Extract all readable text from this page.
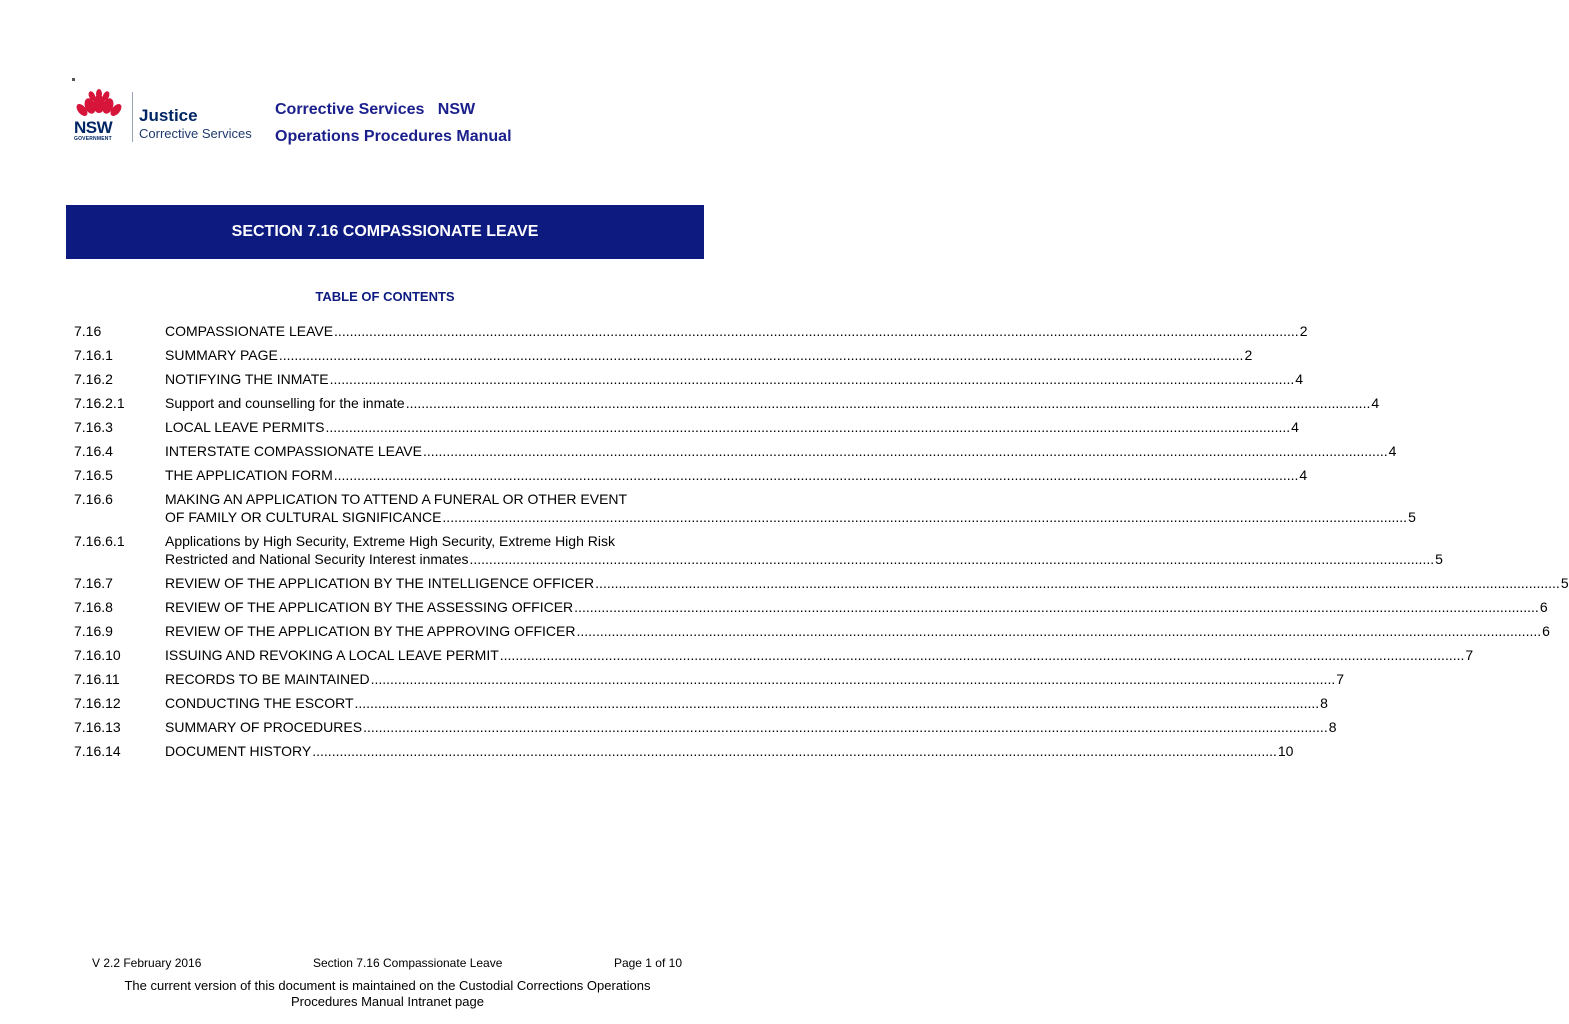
NSW
GOVERNMENT
Justice
Corrective Services
Corrective Services   NSW
Operations Procedures Manual
SECTION 7.16 COMPASSIONATE LEAVE
TABLE OF CONTENTS
7.16	COMPASSIONATE LEAVE .....	2
7.16.1	SUMMARY PAGE .....	2
7.16.2	NOTIFYING THE INMATE .....	4
7.16.2.1	Support and counselling for the inmate .....	4
7.16.3	LOCAL LEAVE PERMITS .....	4
7.16.4	INTERSTATE COMPASSIONATE LEAVE .....	4
7.16.5	THE APPLICATION FORM .....	4
7.16.6	MAKING AN APPLICATION TO ATTEND A FUNERAL OR OTHER EVENT
OF FAMILY OR CULTURAL SIGNIFICANCE .....	5
7.16.6.1	Applications by High Security, Extreme High Security, Extreme High Risk
Restricted and National Security Interest inmates .....	5
7.16.7	REVIEW OF THE APPLICATION BY THE INTELLIGENCE OFFICER .....	5
7.16.8	REVIEW OF THE APPLICATION BY THE ASSESSING OFFICER .....	6
7.16.9	REVIEW OF THE APPLICATION BY THE APPROVING OFFICER .....	6
7.16.10	ISSUING AND REVOKING A LOCAL LEAVE PERMIT .....	7
7.16.11	RECORDS TO BE MAINTAINED .....	7
7.16.12	CONDUCTING THE ESCORT .....	8
7.16.13	SUMMARY OF PROCEDURES .....	8
7.16.14	DOCUMENT HISTORY .....	10
V 2.2 February 2016	Section 7.16 Compassionate Leave	Page 1 of 10
The current version of this document is maintained on the Custodial Corrections Operations Procedures Manual Intranet page
